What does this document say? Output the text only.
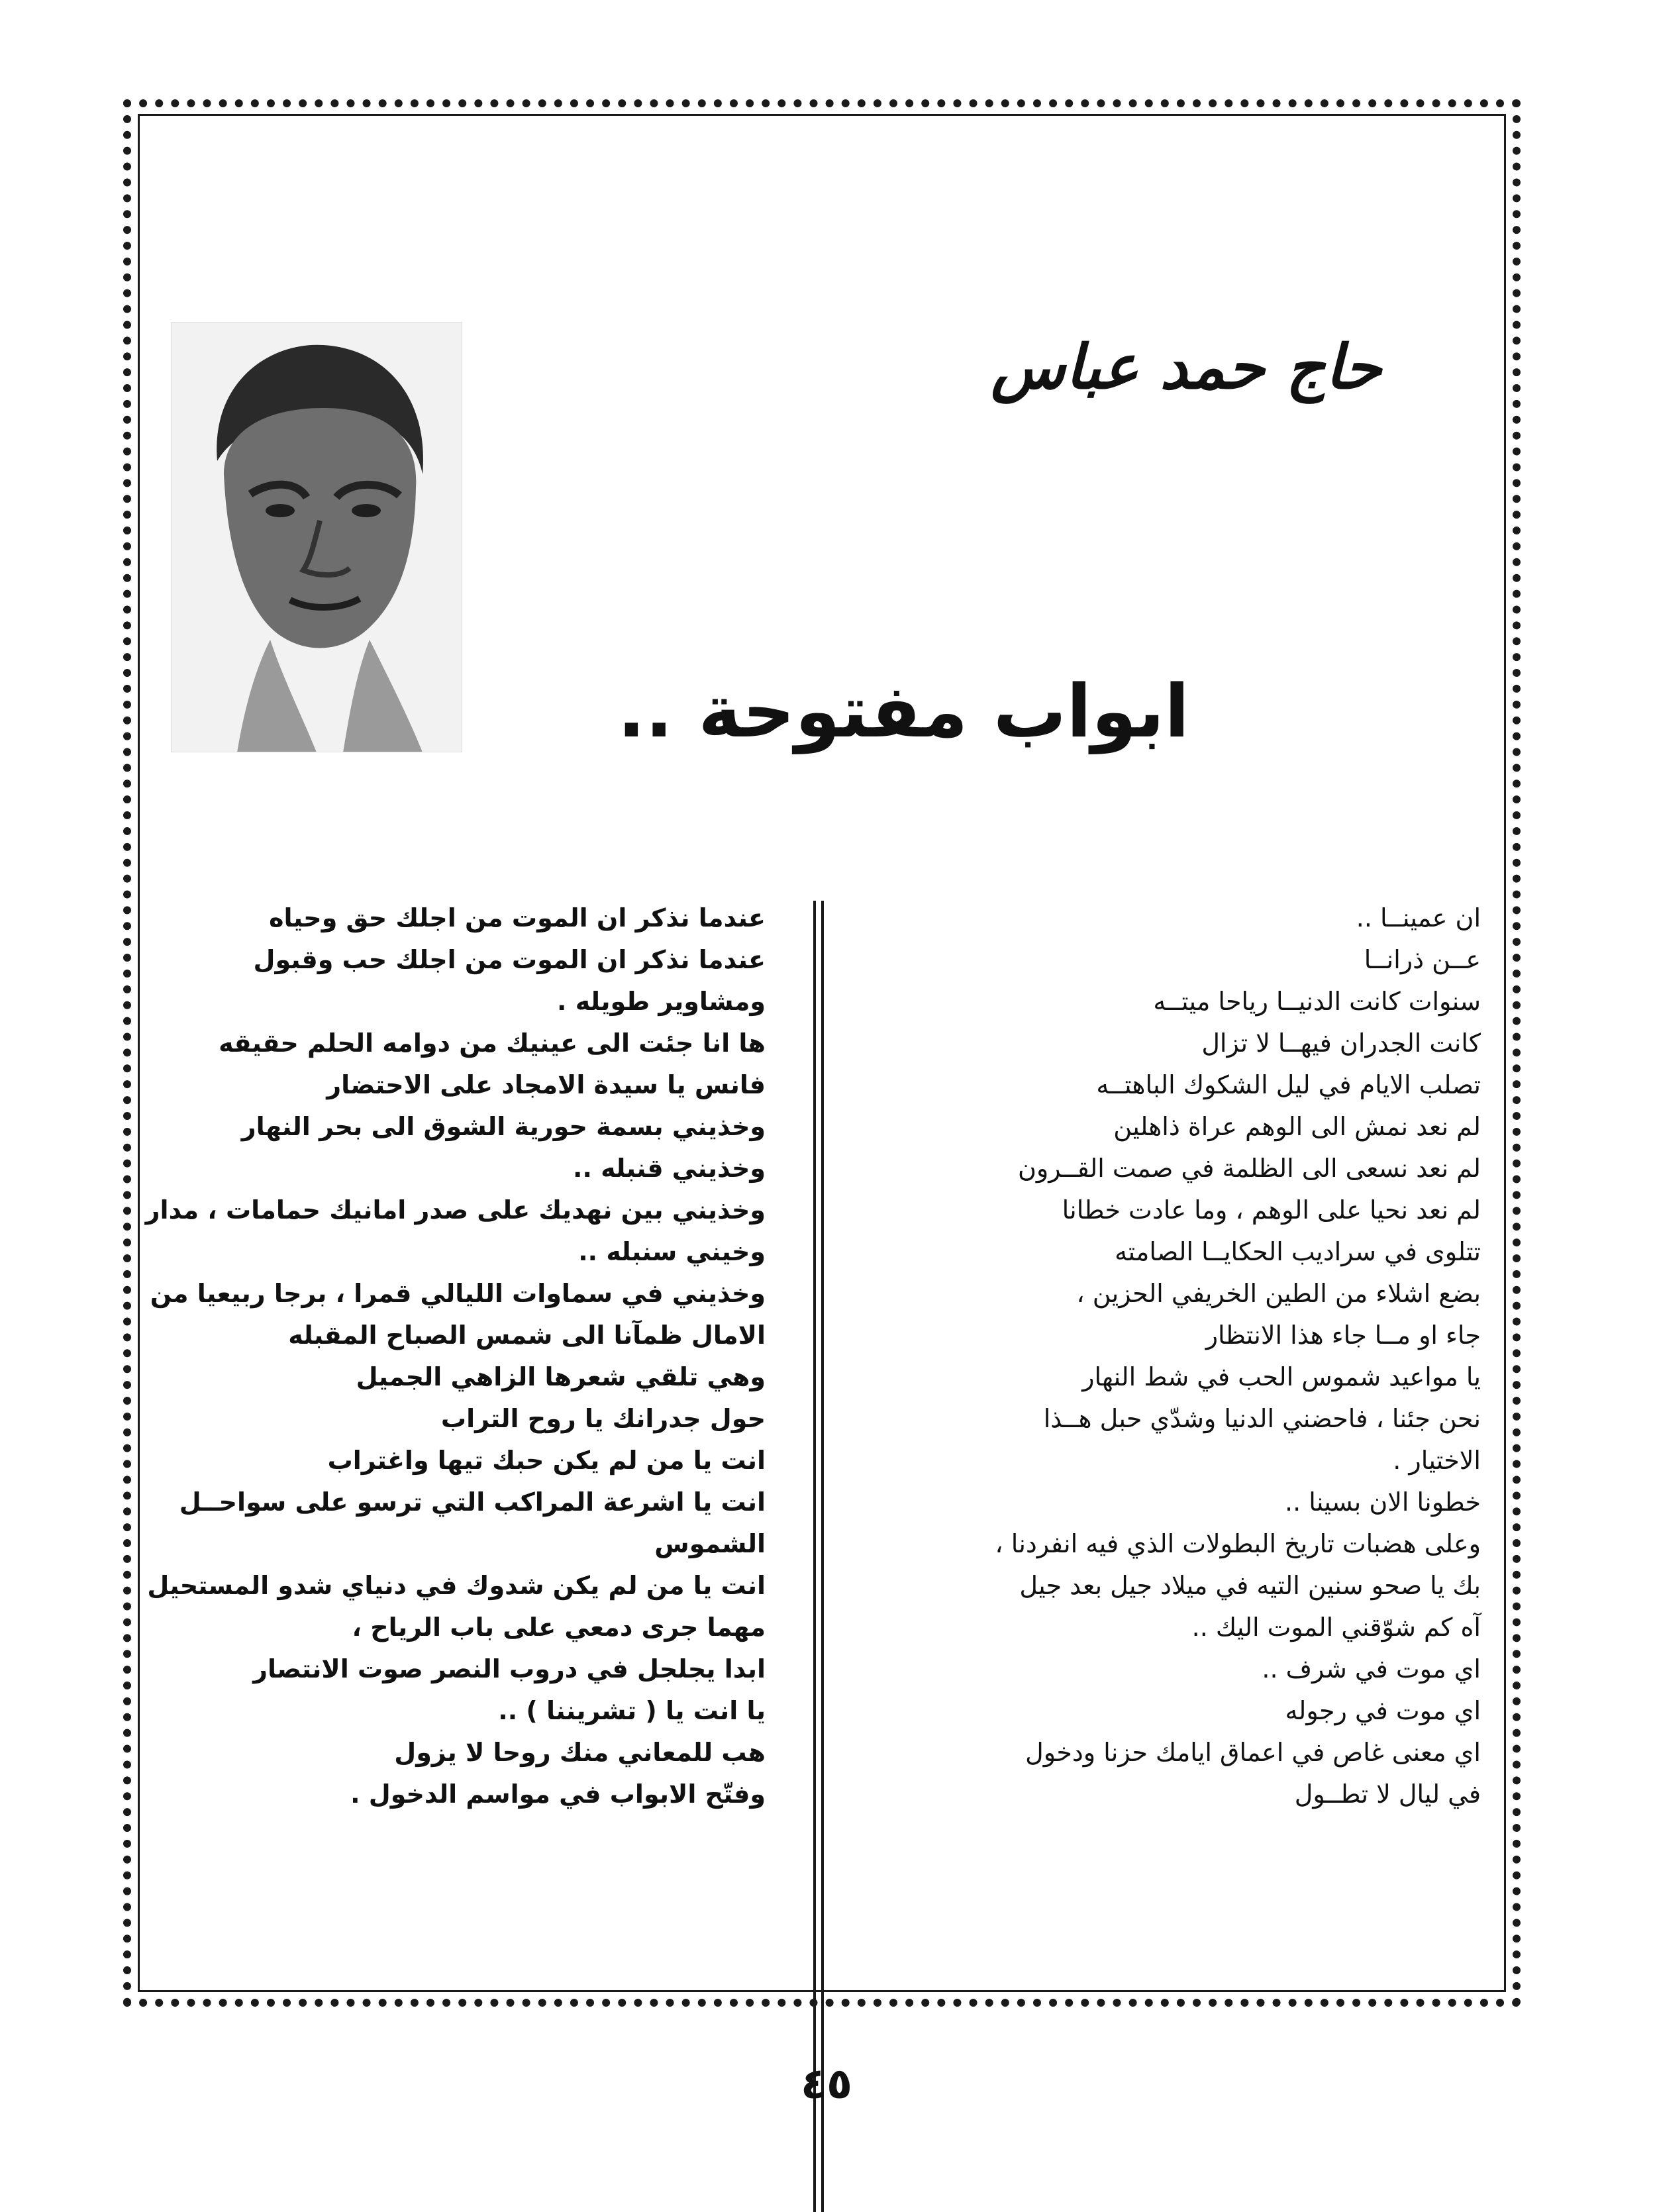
حاج حمد عباس
ابواب مفتوحة ..
ان عمينــا ..
عــن ذرانــا
سنوات كانت الدنيــا رياحا ميتــه
كانت الجدران فيهــا لا تزال
تصلب الايام في ليل الشكوك الباهتــه
لم نعد نمش الى الوهم عراة ذاهلين
لم نعد نسعى الى الظلمة في صمت القــرون
لم نعد نحيا على الوهم ، وما عادت خطانا
تتلوى في سراديب الحكايــا الصامته
بضع اشلاء من الطين الخريفي الحزين ،
جاء او مــا جاء هذا الانتظار
يا مواعيد شموس الحب في شط النهار
نحن جئنا ، فاحضني الدنيا وشدّي حبل هــذا
الاختيار .
خطونا الان بسينا ..
وعلى هضبات تاريخ البطولات الذي فيه انفردنا ،
بك يا صحو سنين التيه في ميلاد جيل بعد جيل
آه كم شوّقني الموت اليك ..
اي موت في شرف ..
اي موت في رجوله
اي معنى غاص في اعماق ايامك حزنا ودخول
في ليال لا تطــول
عندما نذكر ان الموت من اجلك حق وحياه
عندما نذكر ان الموت من اجلك حب وقبول
ومشاوير طويله .
ها انا جئت الى عينيك من دوامه الحلم حقيقه
فانس يا سيدة الامجاد على الاحتضار
وخذيني بسمة حورية الشوق الى بحر النهار
وخذيني قنبله ..
وخذيني بين نهديك على صدر امانيك حمامات ، مدار
وخيني سنبله ..
وخذيني في سماوات الليالي قمرا ، برجا ربيعيا من
الامال ظمآنا الى شمس الصباح المقبله
وهي تلقي شعرها الزاهي الجميل
حول جدرانك يا روح التراب
انت يا من لم يكن حبك تيها واغتراب
انت يا اشرعة المراكب التي ترسو على سواحــل
الشموس
انت يا من لم يكن شدوك في دنياي شدو المستحيل
مهما جرى دمعي على باب الرياح ،
ابدا يجلجل في دروب النصر صوت الانتصار
يا انت يا ( تشريننا ) ..
هب للمعاني منك روحا لا يزول
وفتّح الابواب في مواسم الدخول .

٤٥
